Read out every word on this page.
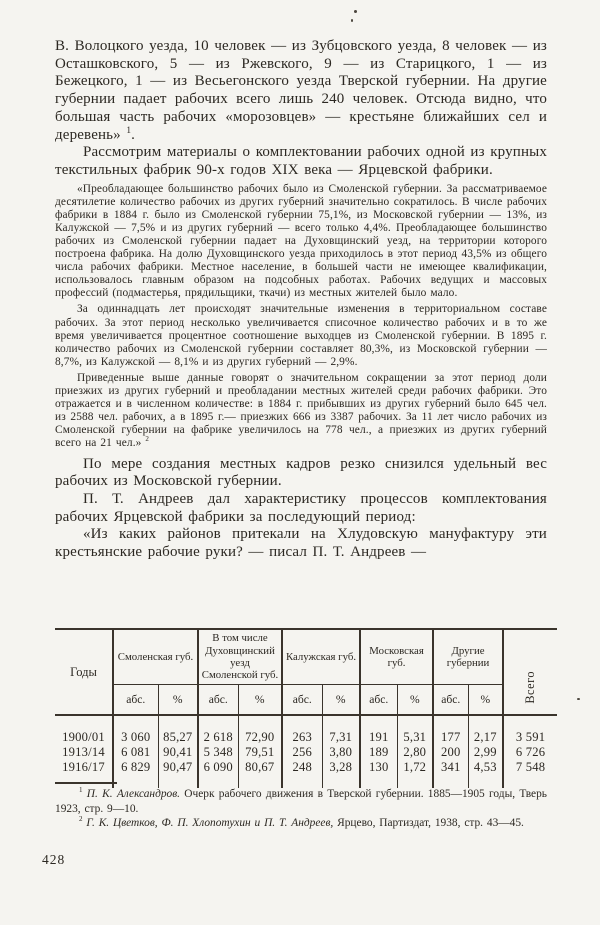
В. Волоцкого уезда, 10 человек — из Зубцовского уезда, 8 человек — из Осташковского, 5 — из Ржевского, 9 — из Старицкого, 1 — из Бежецкого, 1 — из Весьегонского уезда Тверской губернии. На другие губернии падает рабочих всего лишь 240 человек. Отсюда видно, что большая часть рабочих «морозовцев» — крестьяне ближайших сел и деревень» $^1$.

Рассмотрим материалы о комплектовании рабочих одной из крупных текстильных фабрик 90-х годов XIX века — Ярцевской фабрики.

«Преобладающее большинство рабочих было из Смоленской губернии. За рассматриваемое десятилетие количество рабочих из других губерний значительно сократилось. В числе рабочих фабрики в 1884 г. было из Смоленской губернии 75,1%, из Московской губернии — 13%, из Калужской — 7,5% и из других губерний — всего только 4,4%. Преобладающее большинство рабочих из Смоленской губернии падает на Духовщинский уезд, на территории которого построена фабрика. На долю Духовщинского уезда приходилось в этот период 43,5% из общего числа рабочих фабрики. Местное население, в большей части не имеющее квалификации, использовалось главным образом на подсобных работах. Рабочих ведущих и массовых профессий (подмастерья, прядильщики, ткачи) из местных жителей было мало.

За одиннадцать лет происходят значительные изменения в территориальном составе рабочих. За этот период несколько увеличивается списочное количество рабочих и в то же время увеличивается процентное соотношение выходцев из Смоленской губернии. В 1895 г. количество рабочих из Смоленской губернии составляет 80,3%, из Московской губернии — 8,7%, из Калужской — 8,1% и из других губерний — 2,9%.

Приведенные выше данные говорят о значительном сокращении за этот период доли приезжих из других губерний и преобладании местных жителей среди рабочих фабрики. Это отражается и в численном количестве: в 1884 г. прибывших из других губерний было 645 чел. из 2588 чел. рабочих, а в 1895 г.— приезжих 666 из 3387 рабочих. За 11 лет число рабочих из Смоленской губернии на фабрике увеличилось на 778 чел., а приезжих из других губерний всего на 21 чел.» $^2$

По мере создания местных кадров резко снизился удельный вес рабочих из Московской губернии.

П. Т. Андреев дал характеристику процессов комплектования рабочих Ярцевской фабрики за последующий период:

«Из каких районов притекали на Хлудовскую мануфактуру эти крестьянские рабочие руки? — писал П. Т. Андреев —

Годы	Смоленская губ.		В том числе Духовщинский уезд Смоленской губ.		Калужская губ.		Московская губ.		Другие губернии		Всего
	абс.	%	абс.	%	абс.	%	абс.	%	абс.	%	
1900/01	3 060	85,27	2 618	72,90	263	7,31	191	5,31	177	2,17	3 591
1913/14	6 081	90,41	5 348	79,51	256	3,80	189	2,80	200	2,99	6 726
1916/17	6 829	90,47	6 090	80,67	248	3,28	130	1,72	341	4,53	7 548

$^1$ П. К. Александров. Очерк рабочего движения в Тверской губернии. 1885—1905 годы, Тверь 1923, стр. 9—10.

$^2$ Г. К. Цветков, Ф. П. Хлопотухин и П. Т. Андреев, Ярцево, Партиздат, 1938, стр. 43—45.

428
